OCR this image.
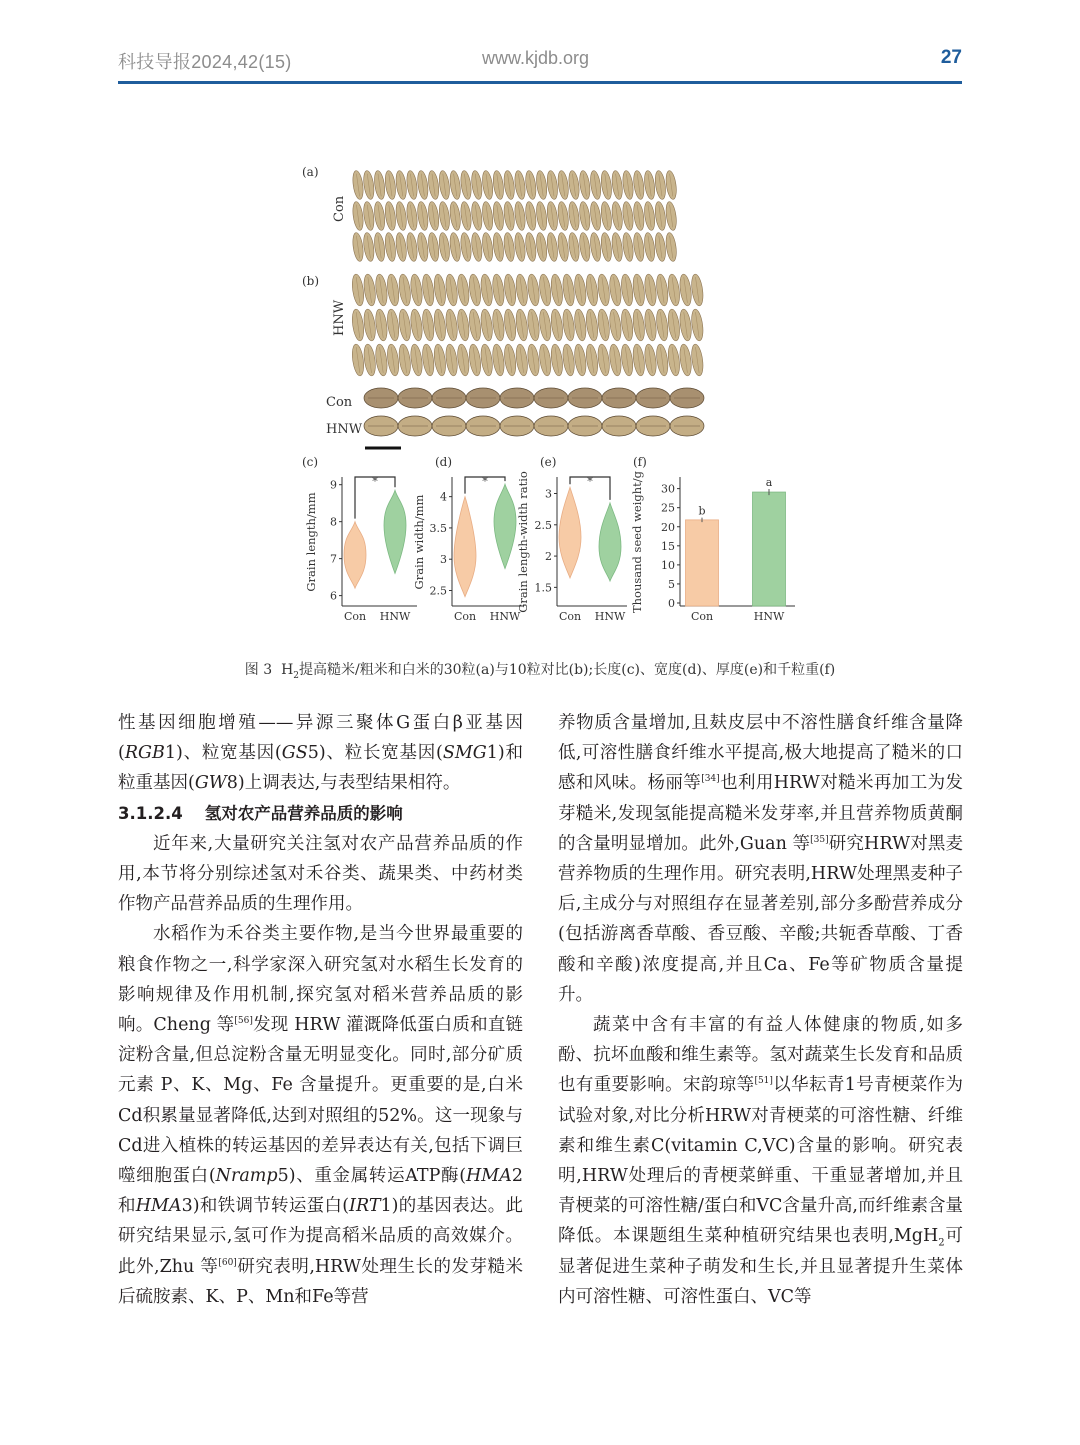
科技导报2024,42(15)	www.kjdb.org	27
(a)
Con
(b)
HNW
Con
HNW
(c)
6
7
8
9
Grain length/mm
Con HNW
*
(d)
2.5
3
3.5
4
Grain width/mm
Con HNW
*
(e)
1.5
2
2.5
3
Grain length-width ratio
Con HNW
*
(f)
0
5
10
15
20
25
30
Thousand seed weight/g
Con	HNW
b
a
图 3 $H_2$提高糙米/粗米和白米的30粒(a)与10粒对比(b);长度(c)、宽度(d)、厚度(e)和千粒重(f)

性基因细胞增殖——异源三聚体G蛋白β亚基因(RGB1)、粒宽基因(GS5)、粒长宽基因(SMG1)和粒重基因(GW8)上调表达,与表型结果相符。

3.1.2.4 氢对农产品营养品质的影响

近年来,大量研究关注氢对农产品营养品质的作用,本节将分别综述氢对禾谷类、蔬果类、中药材类作物产品营养品质的生理作用。

水稻作为禾谷类主要作物,是当今世界最重要的粮食作物之一,科学家深入研究氢对水稻生长发育的影响规律及作用机制,探究氢对稻米营养品质的影响。Cheng 等[56]发现 HRW 灌溉降低蛋白质和直链淀粉含量,但总淀粉含量无明显变化。同时,部分矿质元素 P、K、Mg、Fe 含量提升。更重要的是,白米Cd积累量显著降低,达到对照组的52%。这一现象与Cd进入植株的转运基因的差异表达有关,包括下调巨噬细胞蛋白(Nramp5)、重金属转运ATP酶(HMA2和HMA3)和铁调节转运蛋白(IRT1)的基因表达。此研究结果显示,氢可作为提高稻米品质的高效媒介。此外,Zhu 等[60]研究表明,HRW处理生长的发芽糙米后硫胺素、K、P、Mn和Fe等营

养物质含量增加,且麸皮层中不溶性膳食纤维含量降低,可溶性膳食纤维水平提高,极大地提高了糙米的口感和风味。杨丽等[34]也利用HRW对糙米再加工为发芽糙米,发现氢能提高糙米发芽率,并且营养物质黄酮的含量明显增加。此外,Guan 等[35]研究HRW对黑麦营养物质的生理作用。研究表明,HRW处理黑麦种子后,主成分与对照组存在显著差别,部分多酚营养成分(包括游离香草酸、香豆酸、辛酸;共轭香草酸、丁香酸和辛酸)浓度提高,并且Ca、Fe等矿物质含量提升。

蔬菜中含有丰富的有益人体健康的物质,如多酚、抗坏血酸和维生素等。氢对蔬菜生长发育和品质也有重要影响。宋韵琼等[51]以华耘青1号青梗菜作为试验对象,对比分析HRW对青梗菜的可溶性糖、纤维素和维生素C(vitamin C,VC)含量的影响。研究表明,HRW处理后的青梗菜鲜重、干重显著增加,并且青梗菜的可溶性糖/蛋白和VC含量升高,而纤维素含量降低。本课题组生菜种植研究结果也表明,MgH$_2$可显著促进生菜种子萌发和生长,并且显著提升生菜体内可溶性糖、可溶性蛋白、VC等
